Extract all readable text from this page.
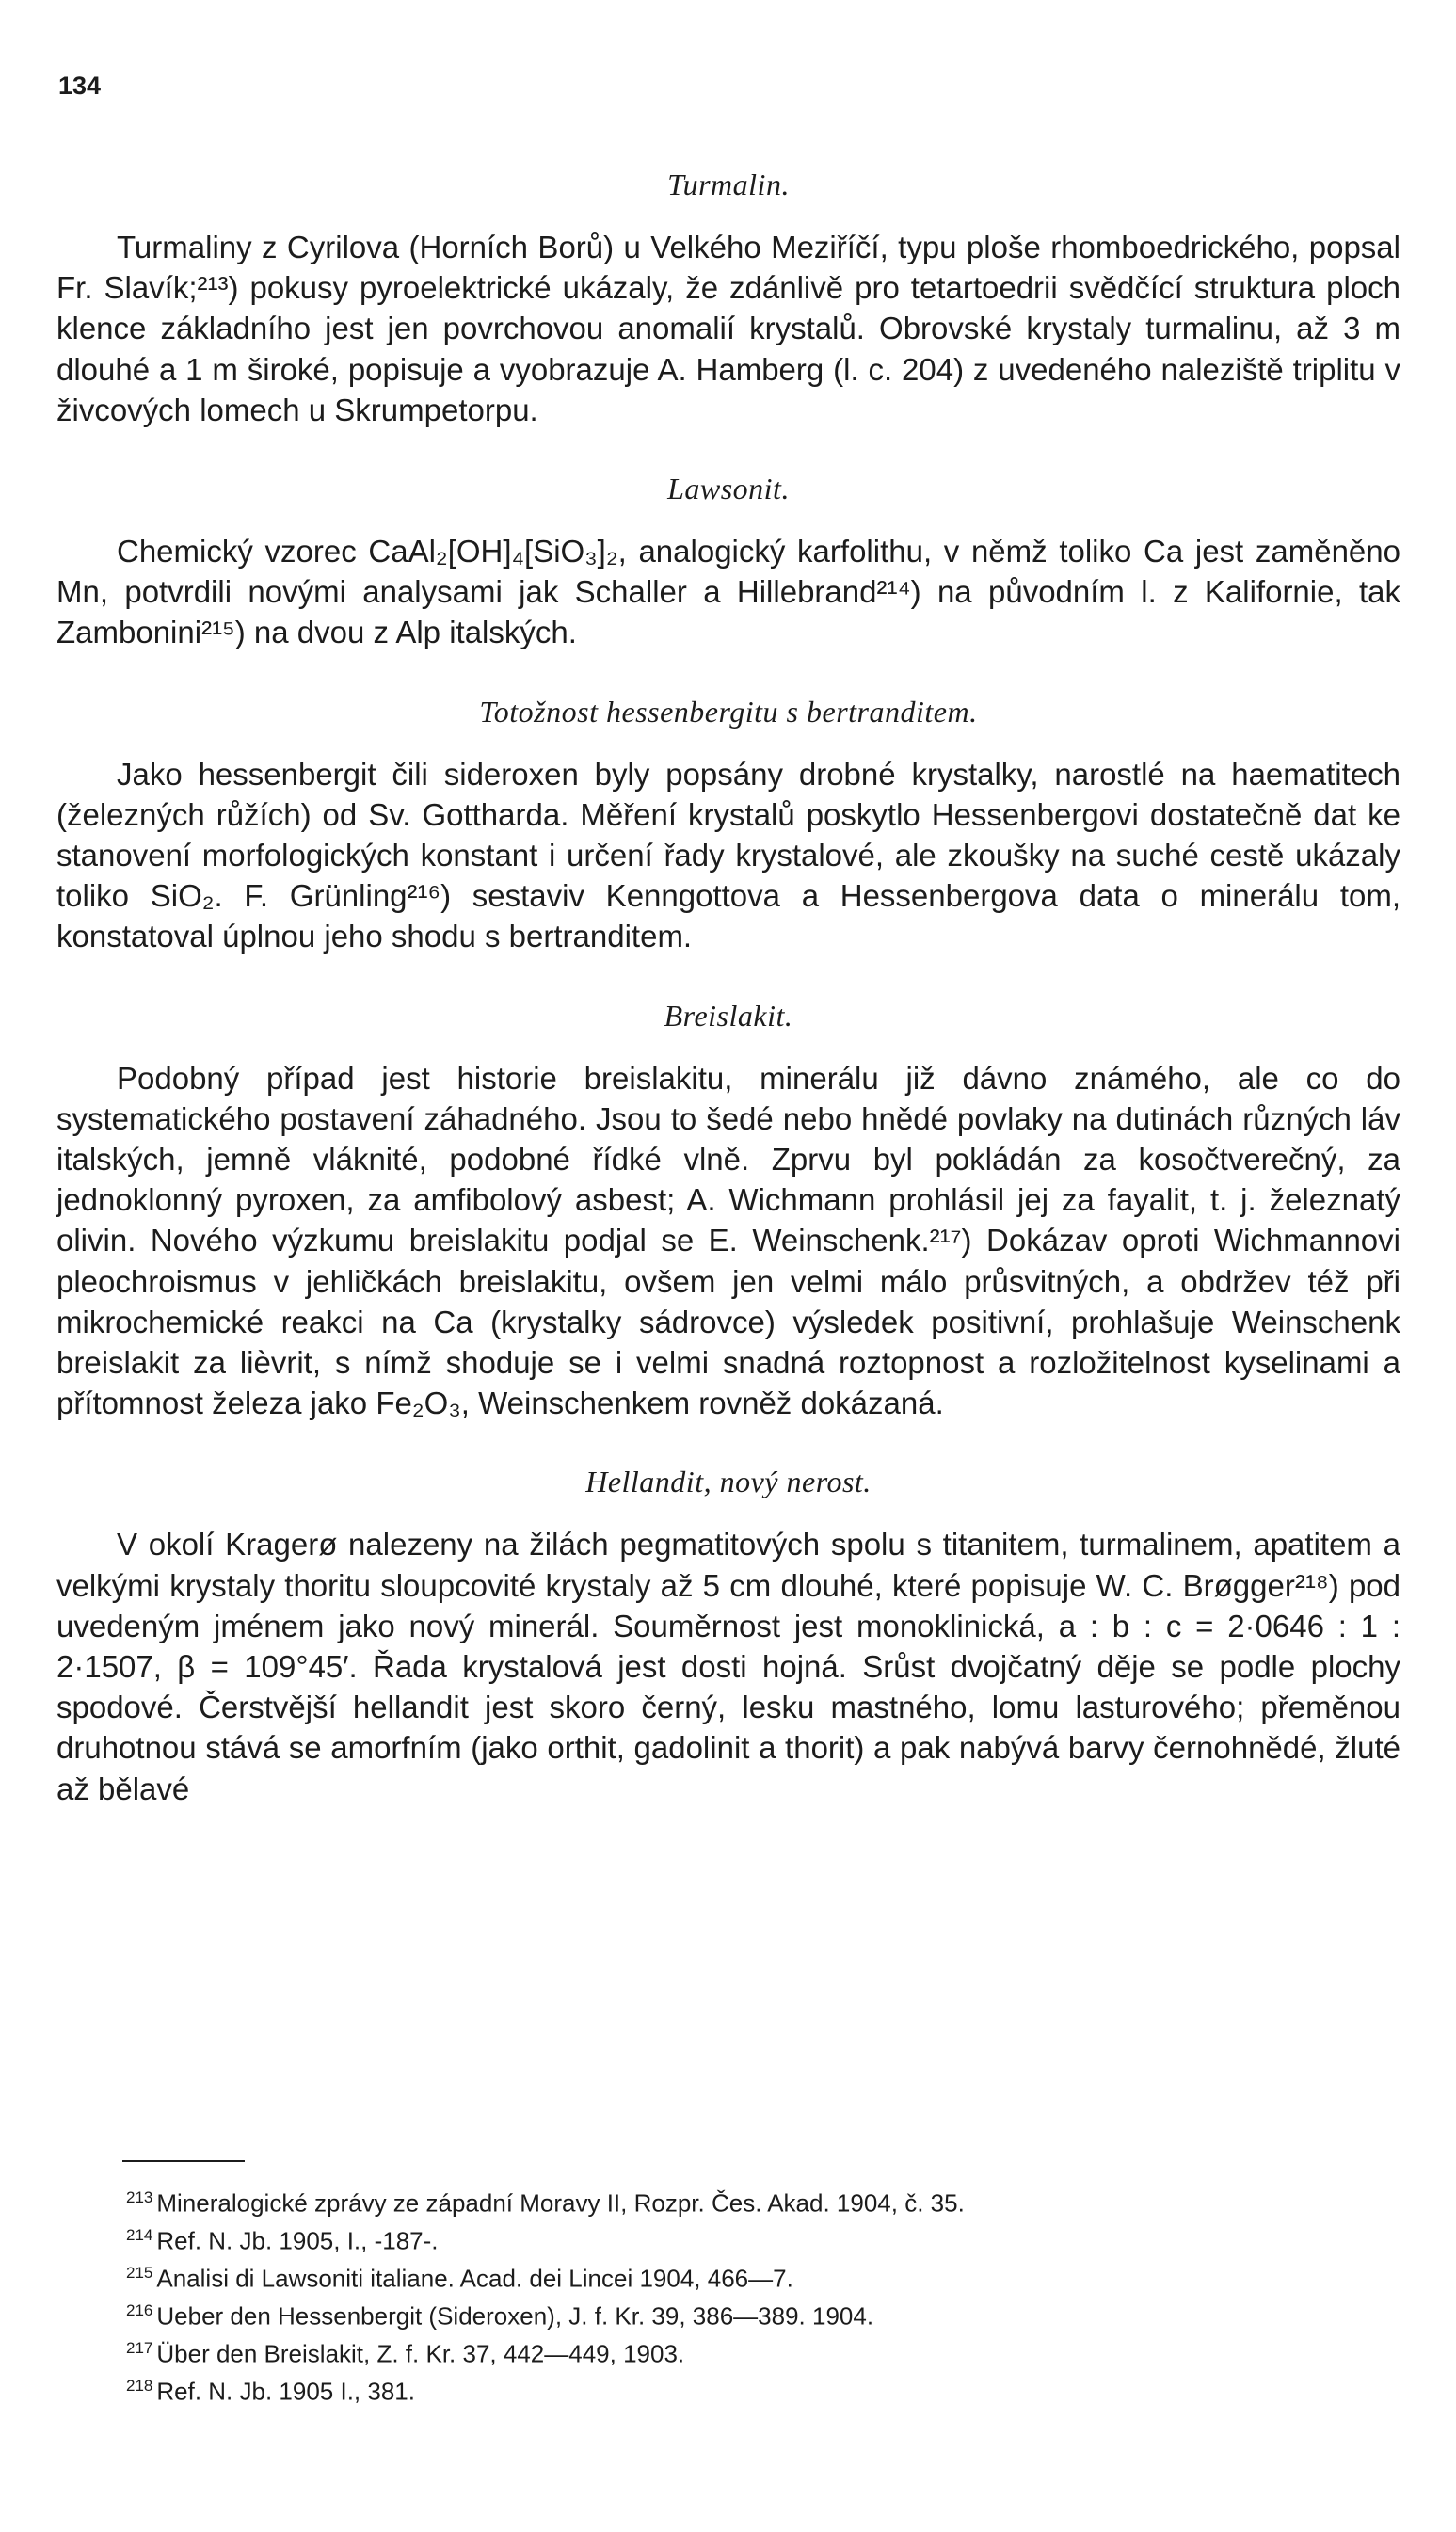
134
Turmalin.

Turmaliny z Cyrilova (Horních Borů) u Velkého Meziříčí, typu ploše rhomboedrického, popsal Fr. Slavík;²¹³) pokusy pyroelektrické ukázaly, že zdánlivě pro tetartoedrii svědčící struktura ploch klence základního jest jen povrchovou anomalií krystalů. Obrovské krystaly turmalinu, až 3 m dlouhé a 1 m široké, popisuje a vyobrazuje A. Hamberg (l. c. 204) z uvedeného naleziště triplitu v živcových lomech u Skrumpetorpu.

Lawsonit.

Chemický vzorec CaAl₂[OH]₄[SiO₃]₂, analogický karfolithu, v němž toliko Ca jest zaměněno Mn, potvrdili novými analysami jak Schaller a Hillebrand²¹⁴) na původním l. z Kalifornie, tak Zambonini²¹⁵) na dvou z Alp italských.

Totožnost hessenbergitu s bertranditem.

Jako hessenbergit čili sideroxen byly popsány drobné krystalky, narostlé na haematitech (železných růžích) od Sv. Gottharda. Měření krystalů poskytlo Hessenbergovi dostatečně dat ke stanovení morfologických konstant i určení řady krystalové, ale zkoušky na suché cestě ukázaly toliko SiO₂. F. Grünling²¹⁶) sestaviv Kenngottova a Hessenbergova data o minerálu tom, konstatoval úplnou jeho shodu s bertranditem.

Breislakit.

Podobný případ jest historie breislakitu, minerálu již dávno známého, ale co do systematického postavení záhadného. Jsou to šedé nebo hnědé povlaky na dutinách různých láv italských, jemně vláknité, podobné řídké vlně. Zprvu byl pokládán za kosočtverečný, za jednoklonný pyroxen, za amfibolový asbest; A. Wichmann prohlásil jej za fayalit, t. j. železnatý olivin. Nového výzkumu breislakitu podjal se E. Weinschenk.²¹⁷) Dokázav oproti Wichmannovi pleochroismus v jehličkách breislakitu, ovšem jen velmi málo průsvitných, a obdržev též při mikrochemické reakci na Ca (krystalky sádrovce) výsledek positivní, prohlašuje Weinschenk breislakit za lièvrit, s nímž shoduje se i velmi snadná roztopnost a rozložitelnost kyselinami a přítomnost železa jako Fe₂O₃, Weinschenkem rovněž dokázaná.

Hellandit, nový nerost.

V okolí Kragerø nalezeny na žilách pegmatitových spolu s titanitem, turmalinem, apatitem a velkými krystaly thoritu sloupcovité krystaly až 5 cm dlouhé, které popisuje W. C. Brøgger²¹⁸) pod uvedeným jménem jako nový minerál. Souměrnost jest monoklinická, a : b : c = 2·0646 : 1 : 2·1507, β = 109°45′. Řada krystalová jest dosti hojná. Srůst dvojčatný děje se podle plochy spodové. Čerstvější hellandit jest skoro černý, lesku mastného, lomu lasturového; přeměnou druhotnou stává se amorfním (jako orthit, gadolinit a thorit) a pak nabývá barvy černohnědé, žluté až bělavé

$^{213}$ Mineralogické zprávy ze západní Moravy II, Rozpr. Čes. Akad. 1904, č. 35.
$^{214}$ Ref. N. Jb. 1905, I., -187-.
$^{215}$ Analisi di Lawsoniti italiane. Acad. dei Lincei 1904, 466—7.
$^{216}$ Ueber den Hessenbergit (Sideroxen), J. f. Kr. 39, 386—389. 1904.
$^{217}$ Über den Breislakit, Z. f. Kr. 37, 442—449, 1903.
$^{218}$ Ref. N. Jb. 1905 I., 381.
